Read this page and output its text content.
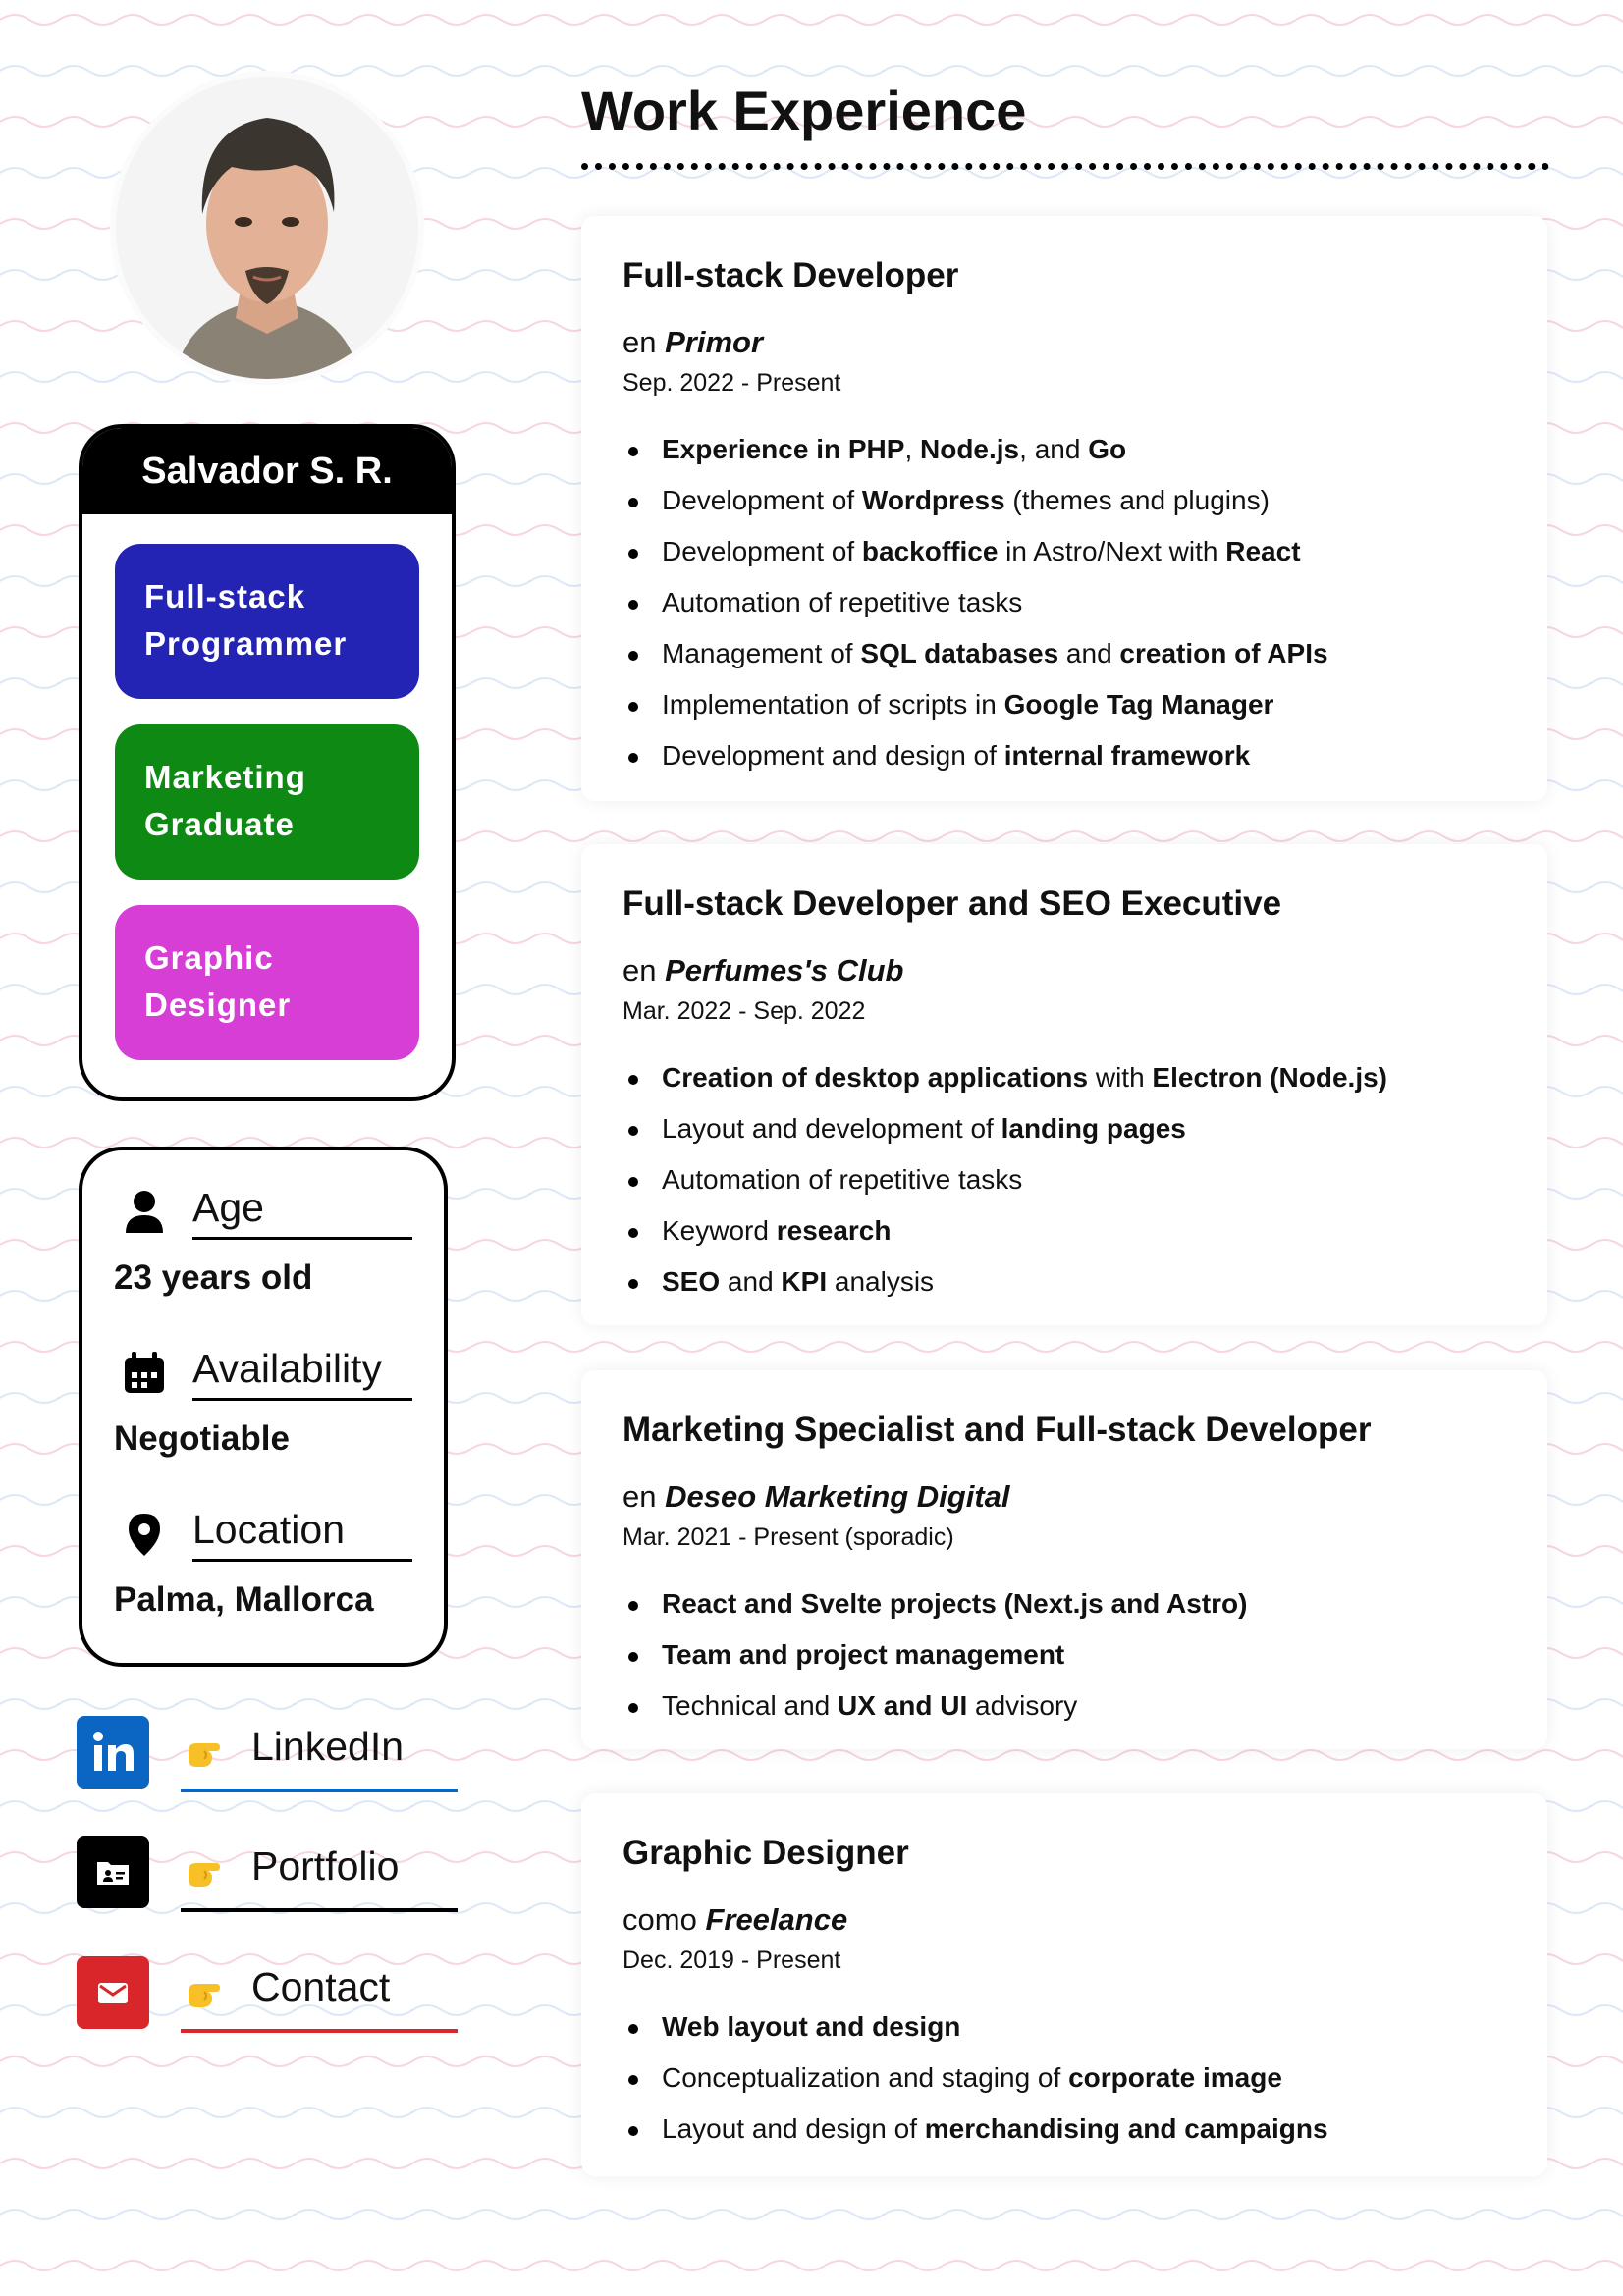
Salvador S. R.
Full-stack Programmer
Marketing Graduate
Graphic Designer
Age
23 years old
Availability
Negotiable
Location
Palma, Mallorca
LinkedIn
Portfolio
Contact
Work Experience
Full-stack Developer
en Primor
Sep. 2022 - Present
Experience in PHP, Node.js, and Go
Development of Wordpress (themes and plugins)
Development of backoffice in Astro/Next with React
Automation of repetitive tasks
Management of SQL databases and creation of APIs
Implementation of scripts in Google Tag Manager
Development and design of internal framework
Full-stack Developer and SEO Executive
en Perfumes's Club
Mar. 2022 - Sep. 2022
Creation of desktop applications with Electron (Node.js)
Layout and development of landing pages
Automation of repetitive tasks
Keyword research
SEO and KPI analysis
Marketing Specialist and Full-stack Developer
en Deseo Marketing Digital
Mar. 2021 - Present (sporadic)
React and Svelte projects (Next.js and Astro)
Team and project management
Technical and UX and UI advisory
Graphic Designer
como Freelance
Dec. 2019 - Present
Web layout and design
Conceptualization and staging of corporate image
Layout and design of merchandising and campaigns
